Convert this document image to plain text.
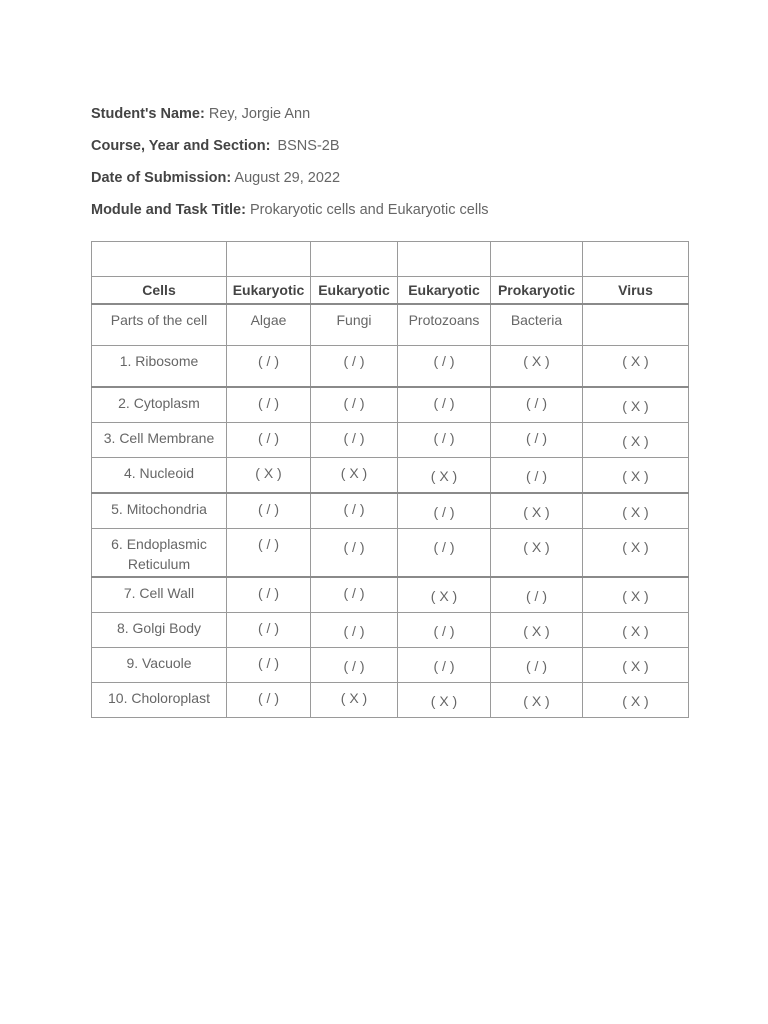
Student's Name: Rey, Jorgie Ann
Course, Year and Section: BSNS-2B
Date of Submission: August 29, 2022
Module and Task Title: Prokaryotic cells and Eukaryotic cells

Cells	Eukaryotic	Eukaryotic	Eukaryotic	Prokaryotic	Virus

Parts of the cell	Algae	Fungi	Protozoans	Bacteria	

1. Ribosome	( / )	( / )	( / )	( X )	( X )

2. Cytoplasm	( / )	( / )	( / )	( / )	( X )

3. Cell Membrane	( / )	( / )	( / )	( / )	( X )

4. Nucleoid	( X )	( X )	( X )	( / )	( X )

5. Mitochondria	( / )	( / )	( / )	( X )	( X )

6. Endoplasmic Reticulum	( / )	( / )	( / )	( X )	( X )

7. Cell Wall	( / )	( / )	( X )	( / )	( X )

8. Golgi Body	( / )	( / )	( / )	( X )	( X )

9. Vacuole	( / )	( / )	( / )	( / )	( X )

10. Choloroplast	( / )	( X )	( X )	( X )	( X )
